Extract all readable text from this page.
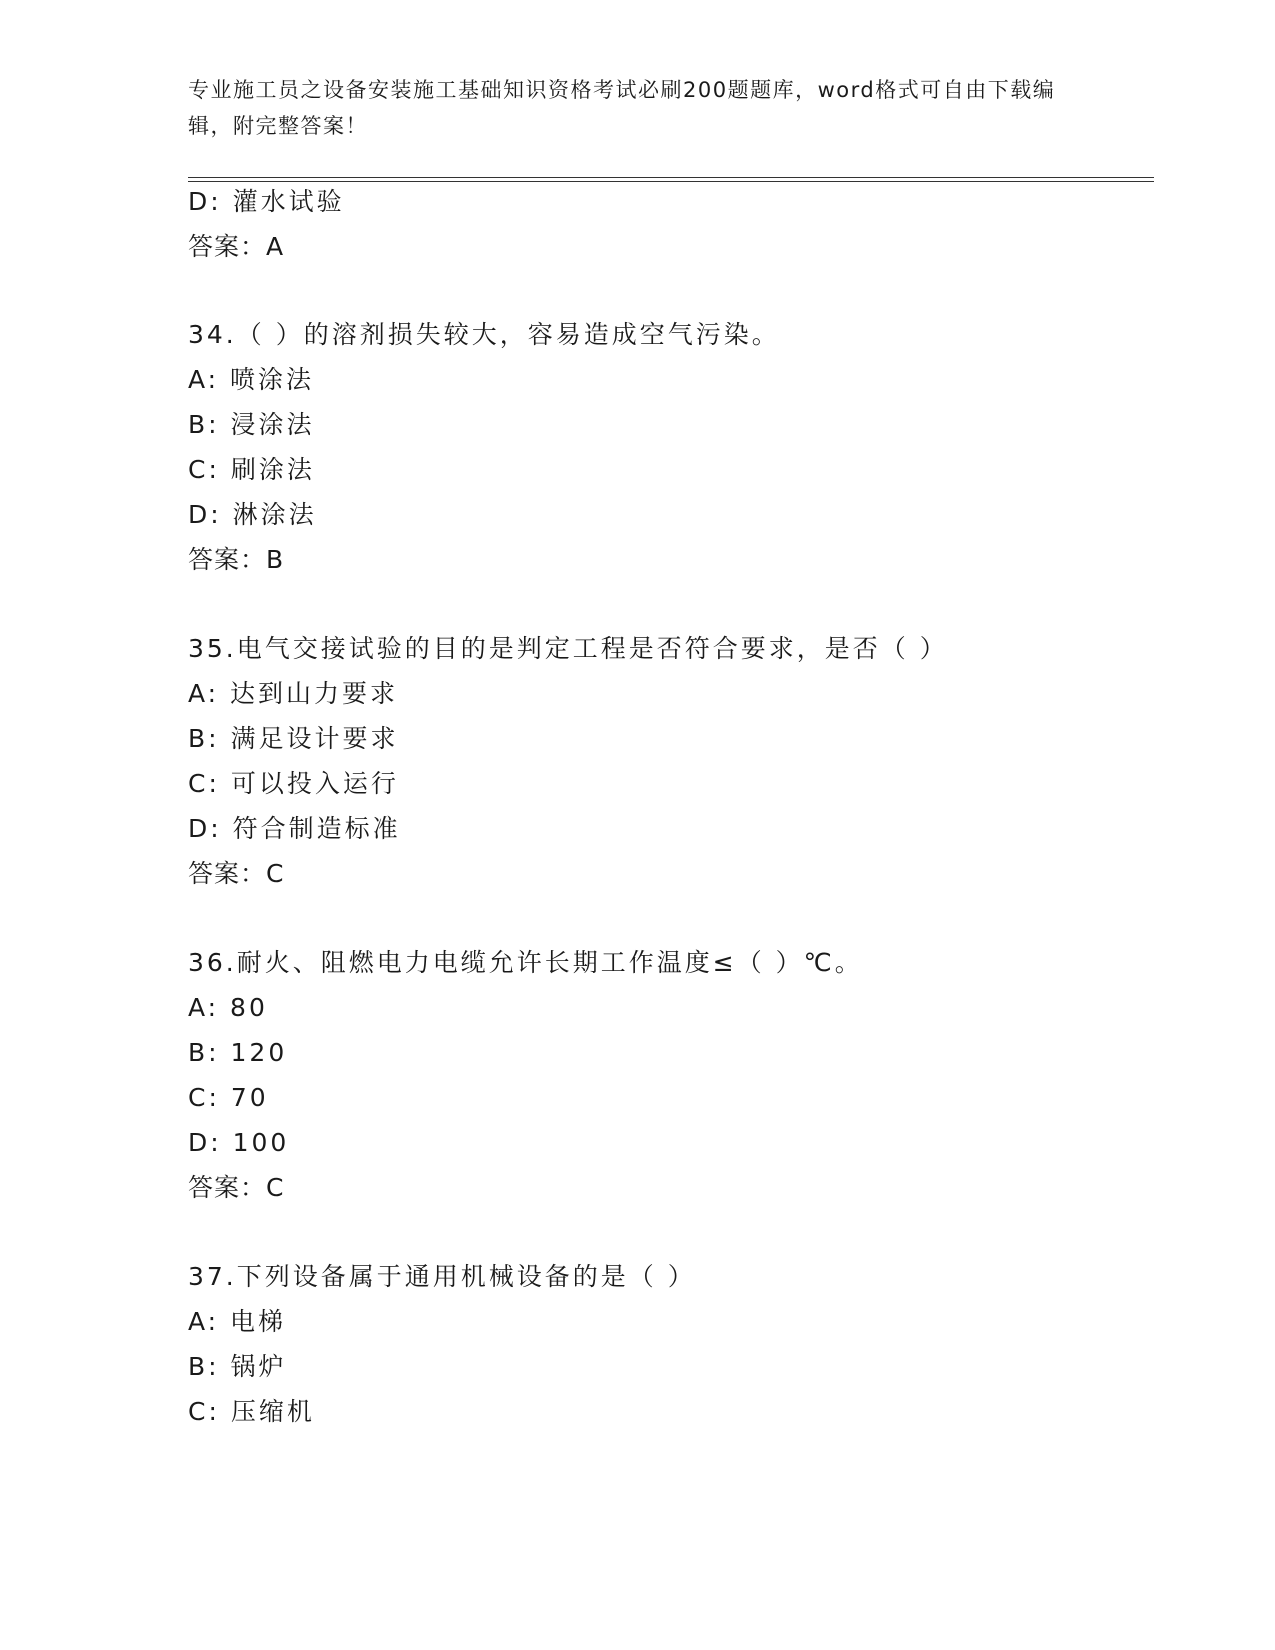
专业施工员之设备安装施工基础知识资格考试必刷200题题库，word格式可自由下载编辑，附完整答案！
D: 灌水试验
答案：A
34.（ ）的溶剂损失较大，容易造成空气污染。
A: 喷涂法
B: 浸涂法
C: 刷涂法
D: 淋涂法
答案：B
35.电气交接试验的目的是判定工程是否符合要求，是否（ ）
A: 达到山力要求
B: 满足设计要求
C: 可以投入运行
D: 符合制造标准
答案：C
36.耐火、阻燃电力电缆允许长期工作温度≤（ ）℃。
A: 80
B: 120
C: 70
D: 100
答案：C
37.下列设备属于通用机械设备的是（ ）
A: 电梯
B: 锅炉
C: 压缩机
